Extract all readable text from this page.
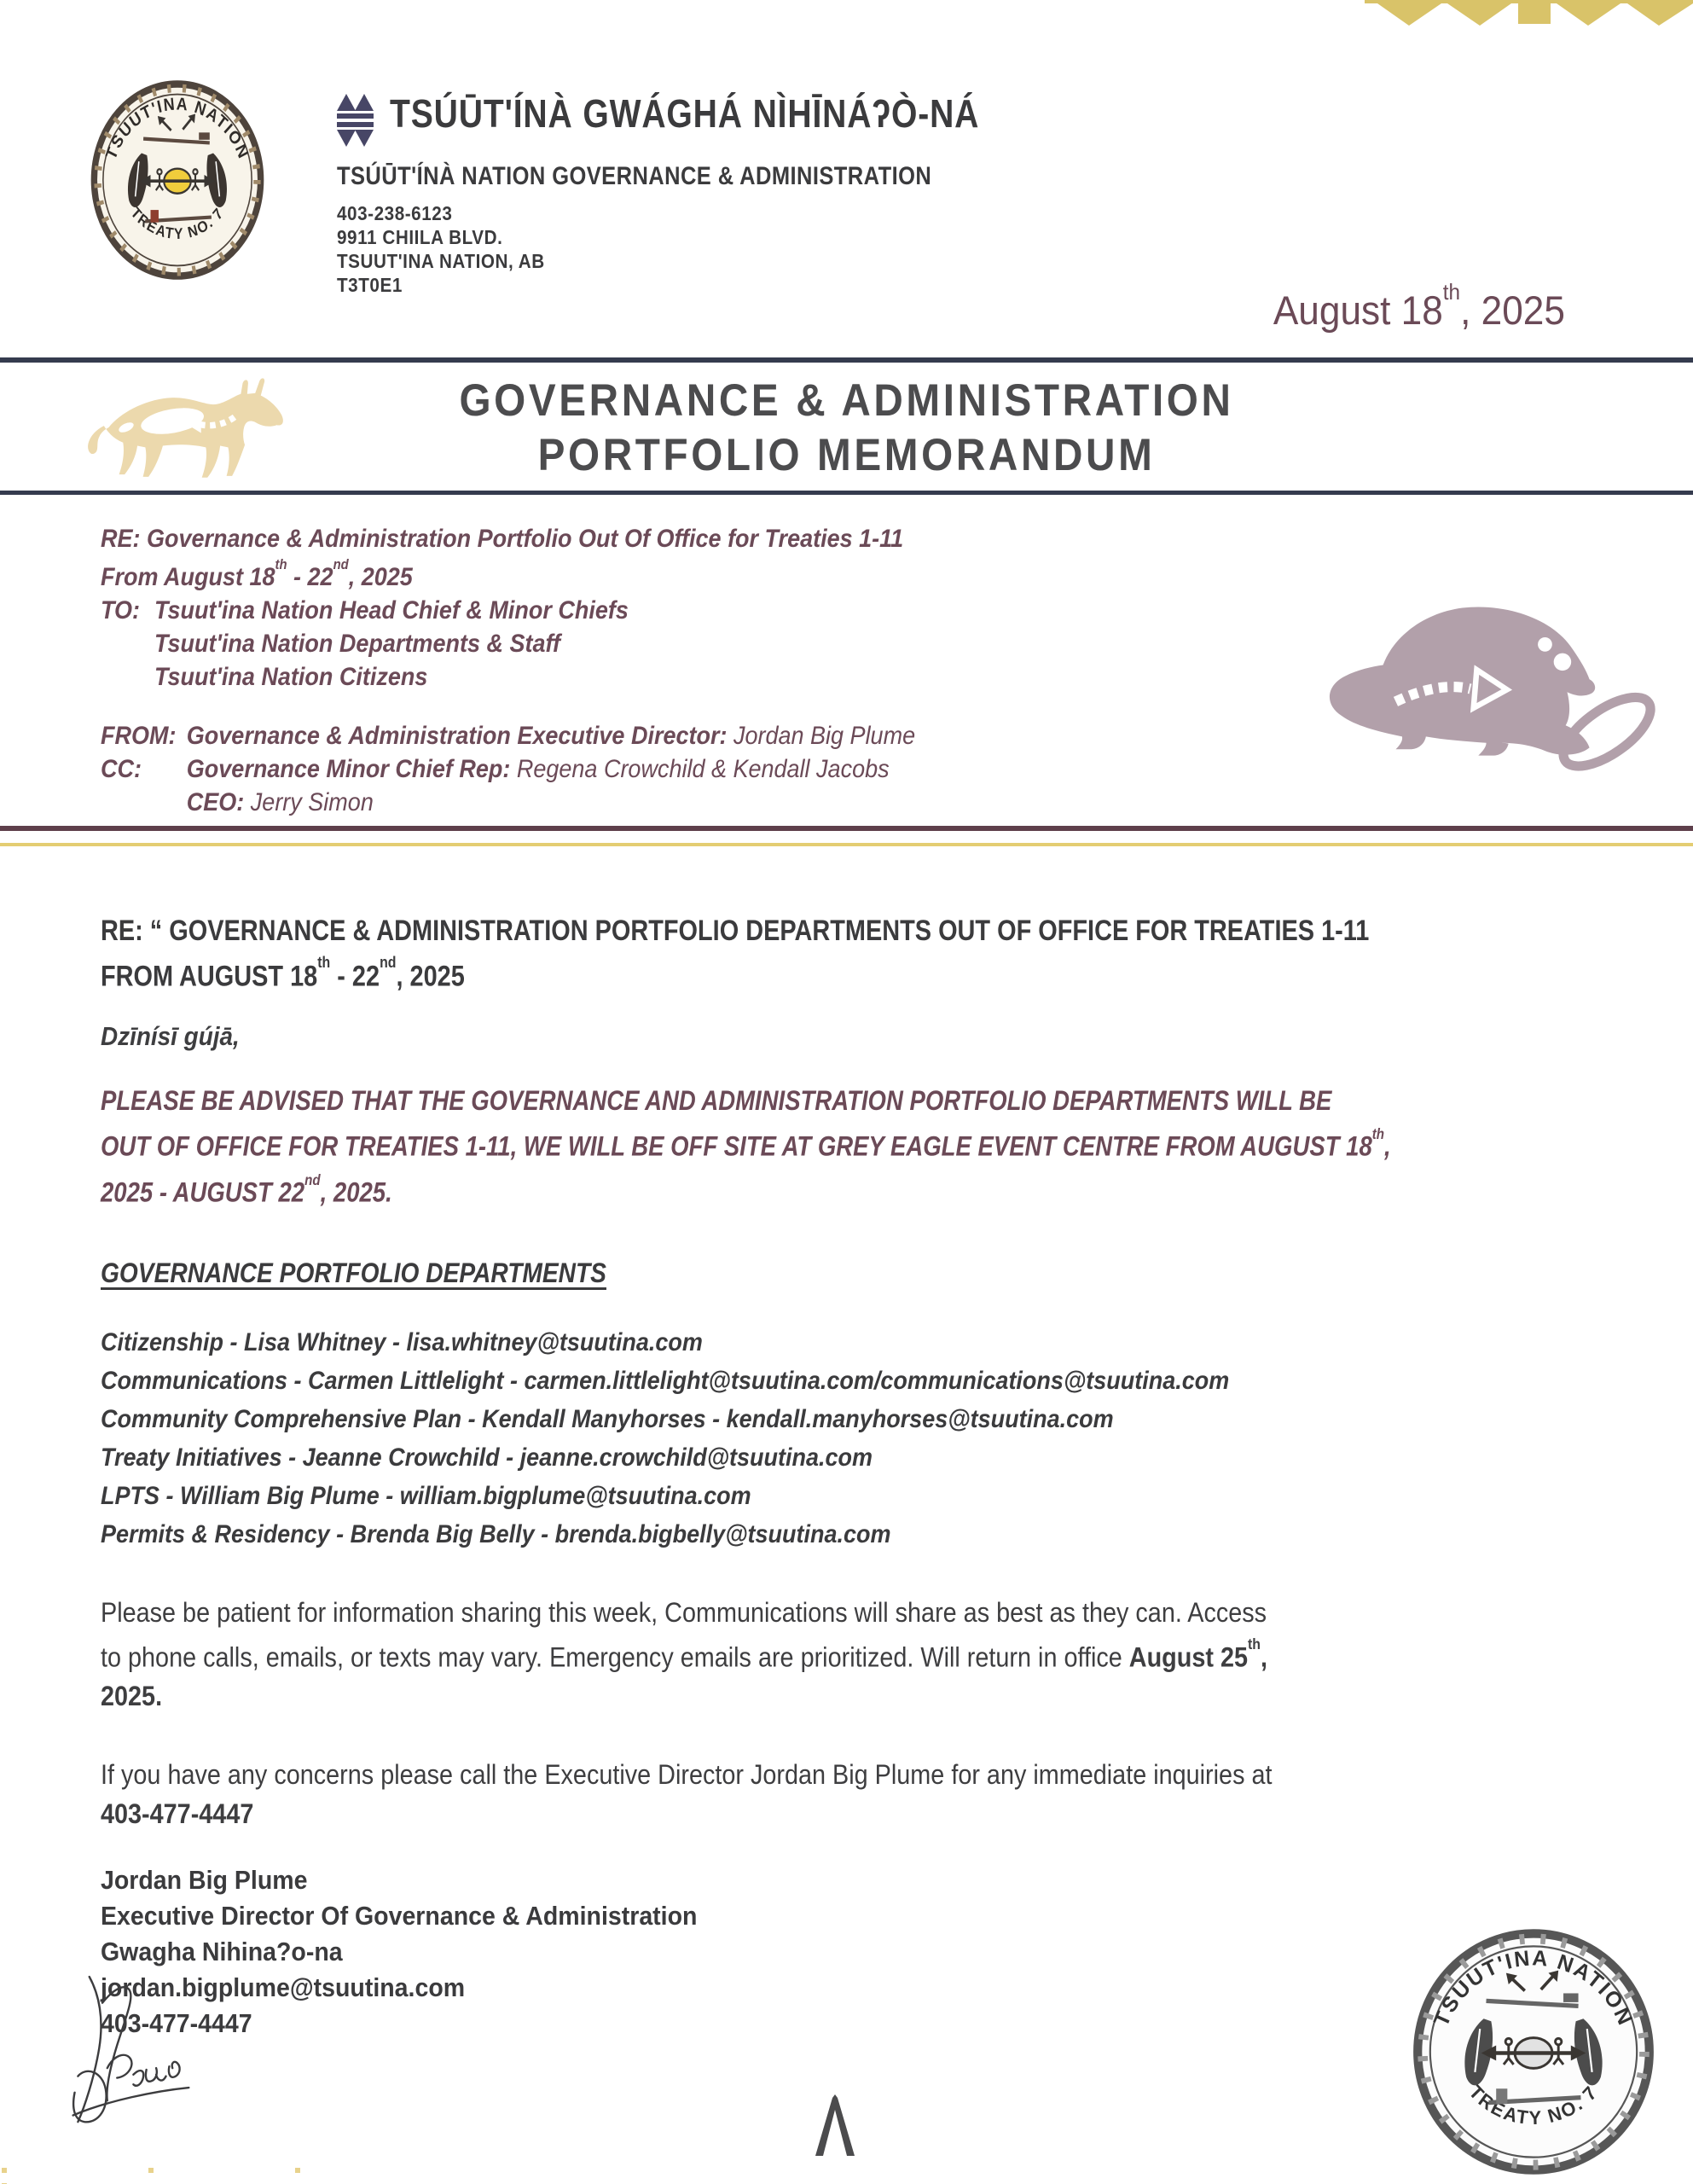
TSÚŪT'ÍNÀ GWÁGHÁ NÌHĪNÁʔÒ-NÁ
TSÚŪT'ÍNÀ NATION GOVERNANCE & ADMINISTRATION
403-238-6123
9911 CHIILA BLVD.
TSUUT'INA NATION, AB
T3T0E1
August 18th, 2025
GOVERNANCE & ADMINISTRATION
PORTFOLIO MEMORANDUM
RE: Governance & Administration Portfolio Out Of Office for Treaties 1-11
From August 18th - 22nd, 2025
TO: Tsuut'ina Nation Head Chief & Minor Chiefs
Tsuut'ina Nation Departments & Staff
Tsuut'ina Nation Citizens
FROM: Governance & Administration Executive Director: Jordan Big Plume
CC:	Governance Minor Chief Rep: Regena Crowchild & Kendall Jacobs
CEO: Jerry Simon
RE: “ GOVERNANCE & ADMINISTRATION PORTFOLIO DEPARTMENTS OUT OF OFFICE FOR TREATIES 1-11
FROM AUGUST 18th - 22nd, 2025
Dzīnísī gújā,
PLEASE BE ADVISED THAT THE GOVERNANCE AND ADMINISTRATION PORTFOLIO DEPARTMENTS WILL BE
OUT OF OFFICE FOR TREATIES 1-11, WE WILL BE OFF SITE AT GREY EAGLE EVENT CENTRE FROM AUGUST 18th,
2025 - AUGUST 22nd, 2025.
GOVERNANCE PORTFOLIO DEPARTMENTS
Citizenship - Lisa Whitney - lisa.whitney@tsuutina.com
Communications - Carmen Littlelight - carmen.littlelight@tsuutina.com/communications@tsuutina.com
Community Comprehensive Plan - Kendall Manyhorses - kendall.manyhorses@tsuutina.com
Treaty Initiatives - Jeanne Crowchild - jeanne.crowchild@tsuutina.com
LPTS - William Big Plume - william.bigplume@tsuutina.com
Permits & Residency - Brenda Big Belly - brenda.bigbelly@tsuutina.com
Please be patient for information sharing this week, Communications will share as best as they can. Access
to phone calls, emails, or texts may vary. Emergency emails are prioritized. Will return in office August 25th,
2025.
If you have any concerns please call the Executive Director Jordan Big Plume for any immediate inquiries at
403-477-4447
Jordan Big Plume
Executive Director Of Governance & Administration
Gwagha Nihina?o-na
jordan.bigplume@tsuutina.com
403-477-4447
